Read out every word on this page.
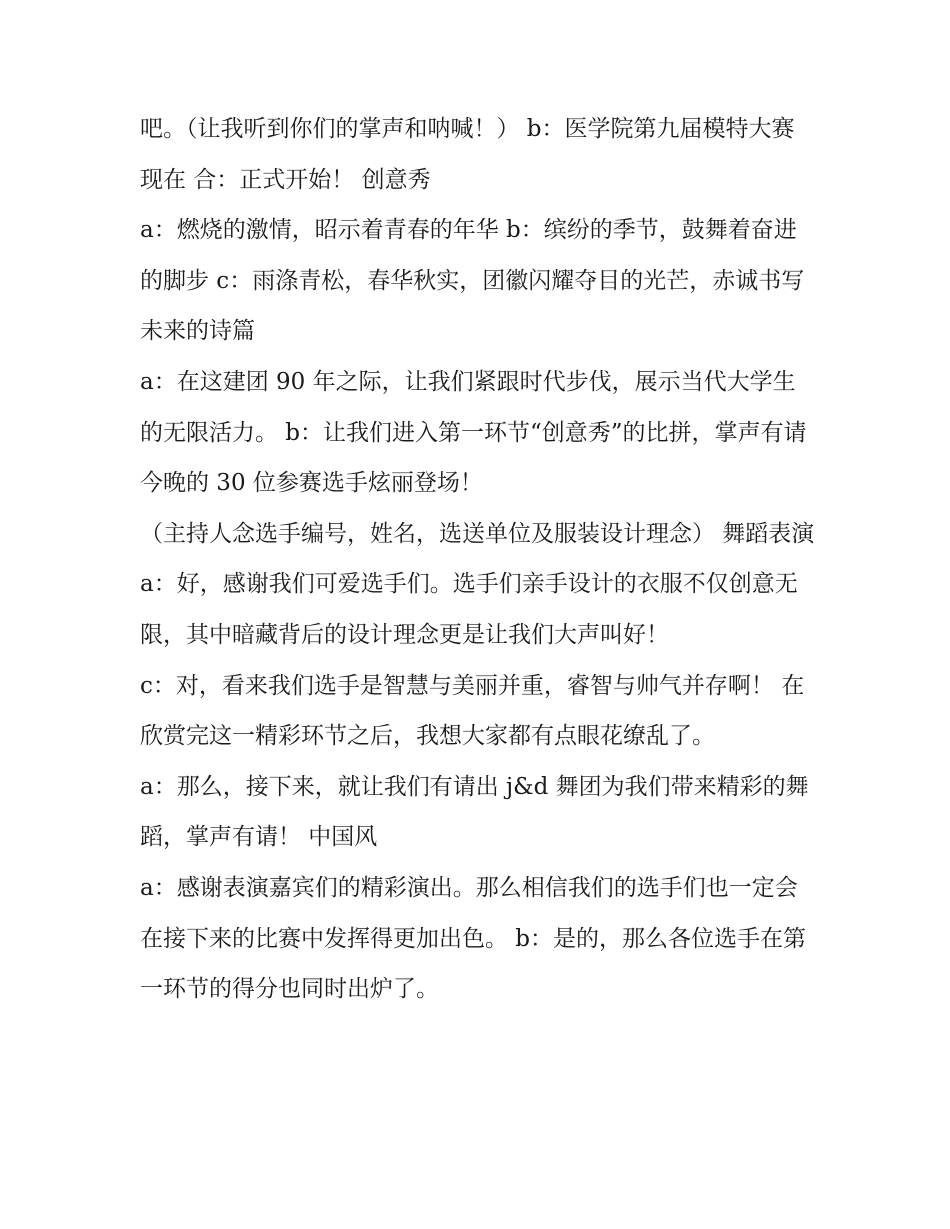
吧。（让我听到你们的掌声和呐喊！） b：医学院第九届模特大赛现在 合：正式开始！ 创意秀

a：燃烧的激情，昭示着青春的年华 b：缤纷的季节，鼓舞着奋进的脚步 c：雨涤青松，春华秋实，团徽闪耀夺目的光芒，赤诚书写未来的诗篇

a：在这建团 90 年之际，让我们紧跟时代步伐，展示当代大学生的无限活力。 b：让我们进入第一环节“创意秀”的比拼，掌声有请今晚的 30 位参赛选手炫丽登场！

（主持人念选手编号，姓名，选送单位及服装设计理念） 舞蹈表演

a：好，感谢我们可爱选手们。选手们亲手设计的衣服不仅创意无限，其中暗藏背后的设计理念更是让我们大声叫好！

c：对，看来我们选手是智慧与美丽并重，睿智与帅气并存啊！ 在欣赏完这一精彩环节之后，我想大家都有点眼花缭乱了。

a：那么，接下来，就让我们有请出 j&d 舞团为我们带来精彩的舞蹈，掌声有请！ 中国风

a：感谢表演嘉宾们的精彩演出。那么相信我们的选手们也一定会在接下来的比赛中发挥得更加出色。 b：是的，那么各位选手在第一环节的得分也同时出炉了。
